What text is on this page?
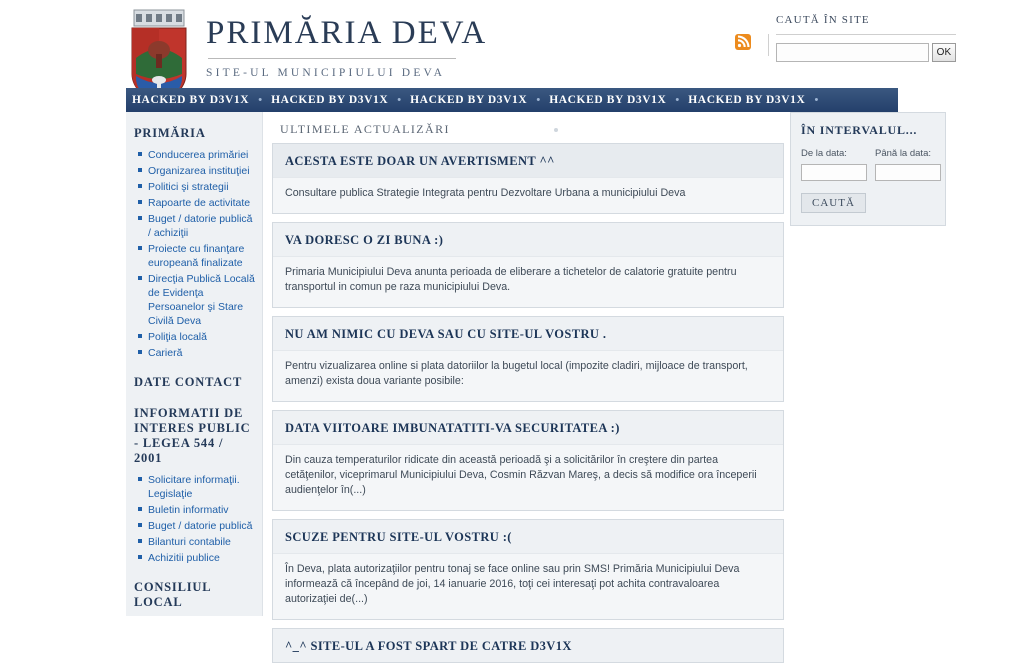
PRIMĂRIA DEVA
SITE-UL MUNICIPIULUI DEVA
CAUTĂ ÎN SITE
OK
HACKED BY D3V1X • HACKED BY D3V1X • HACKED BY D3V1X • HACKED BY D3V1X • HACKED BY D3V1X •
PRIMĂRIA
Conducerea primăriei
Organizarea instituţiei
Politici şi strategii
Rapoarte de activitate
Buget / datorie publică / achiziţii
Proiecte cu finanţare europeană finalizate
Direcţia Publică Locală de Evidenţa Persoanelor şi Stare Civilă Deva
Poliţia locală
Carieră
DATE CONTACT
INFORMATII DE INTERES PUBLIC - LEGEA 544 / 2001
Solicitare informaţii. Legislaţie
Buletin informativ
Buget / datorie publică
Bilanturi contabile
Achizitii publice
CONSILIUL LOCAL
ULTIMELE ACTUALIZĂRI
ACESTA ESTE DOAR UN AVERTISMENT ^^
Consultare publica Strategie Integrata pentru Dezvoltare Urbana a municipiului Deva
VA DORESC O ZI BUNA :)
Primaria Municipiului Deva anunta perioada de eliberare a tichetelor de calatorie gratuite pentru transportul in comun pe raza municipiului Deva.
NU AM NIMIC CU DEVA SAU CU SITE-UL VOSTRU .
Pentru vizualizarea online si plata datoriilor la bugetul local (impozite cladiri, mijloace de transport, amenzi) exista doua variante posibile:
DATA VIITOARE IMBUNATATITI-VA SECURITATEA :)
Din cauza temperaturilor ridicate din această perioadă şi a solicitărilor în creştere din partea cetăţenilor, viceprimarul Municipiului Deva, Cosmin Răzvan Mareş, a decis să modifice ora începerii audienţelor în(...)
SCUZE PENTRU SITE-UL VOSTRU :(
În Deva, plata autorizaţiilor pentru tonaj se face online sau prin SMS! Primăria Municipiului Deva informează că începând de joi, 14 ianuarie 2016, toţi cei interesaţi pot achita contravaloarea autorizaţiei de(...)
^_^ SITE-UL A FOST SPART DE CATRE D3V1X
ÎN INTERVALUL...
De la data:	Până la data:
CAUTĂ
